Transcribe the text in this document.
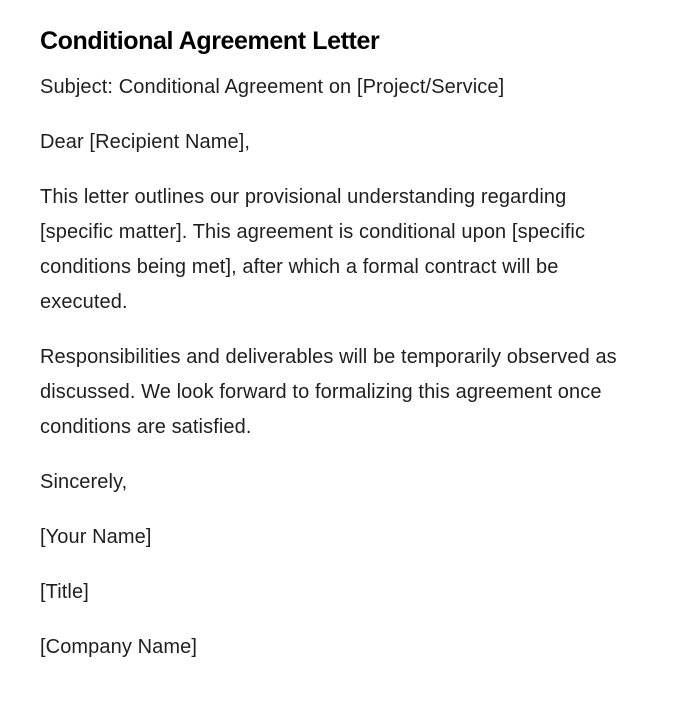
Conditional Agreement Letter

Subject: Conditional Agreement on [Project/Service]

Dear [Recipient Name],

This letter outlines our provisional understanding regarding [specific matter]. This agreement is conditional upon [specific conditions being met], after which a formal contract will be executed.

Responsibilities and deliverables will be temporarily observed as discussed. We look forward to formalizing this agreement once conditions are satisfied.

Sincerely,

[Your Name]

[Title]

[Company Name]
